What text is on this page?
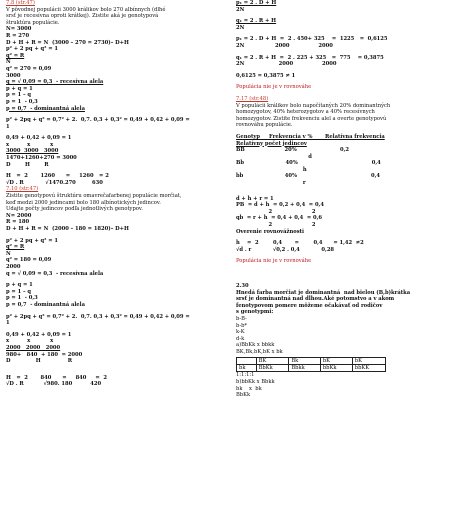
7.8 (str.47)
V pôvodnej populácii 3000 králikov bolo 270 albínnych (dlhé
srsť je recesívna oproti krátkej). Zistite aká je genotypová
štruktúra populácie.
N= 3000
R = 270
D + H + R = N  (3000 – 270 = 2730)– D+H
p² + 2 pq + q² = 1
q² = R
N
q² = 270 = 0,09
3000
q = √ 0,09 = 0,3  - recesívna alela
p + q = 1
p = 1 – q
p = 1  - 0,3
p = 0,7  - dominantná alela
p² + 2pq + q² = 0,7² + 2.  0,7. 0,3 + 0,3² = 0,49 + 0,42 + 0,09 =
1
0,49 + 0,42 + 0,09 = 1
x          x           x
3000  3000   3000
1470+1260+270 = 3000
D        H        R
H   =  2       1260      =     1260   = 2
√D . R            √1470.270         630
7.10 (str.47)
Zistite genotypovú štruktúru omavrečafarbenej populácie morčiat,
keď medzi 2000 jedincami bolo 180 albínotických jedincov.
Udajte počty jedincov podľa jednotlivých genotypov.
N= 2000
R = 180
D + H + R = N  (2000 – 180 = 1820)– D+H
p² + 2 pq + q² = 1
q² = R
N
q² = 180 = 0,09
2000
q = √ 0,09 = 0,3  - recesívna alela
p + q = 1
p = 1 – q
p = 1  - 0,3
p = 0,7  - dominantná alela
p² + 2pq + q² = 0,7² + 2.  0,7. 0,3 + 0,3² = 0,49 + 0,42 + 0,09 =
1
0,49 + 0,42 + 0,09 = 1
x          x           x
2000   2000   2000
980+   840  + 180  = 2000
D              H               R
H   =  2       840      =     840     =  2
√D . R           √980. 180          420
p₁ = 2 . D + H
2N
q₁ = 2 . R + H
2N
p₁ = 2 . D + H  =  2 . 450+ 325    =  1225   =  0,6125
2N                 2000                2000
q₁ = 2 . R + H  =  2 . 225 + 325   =  775    = 0,3875
2N                   2000                2000
0,6125 = 0,3875 ≠ 1
Populácia nie je v rovnováhe
7.17 (str.48)
V populácii králikov bolo napočítaných 20% dominantných
homozygotov, 40% heterozygotov a 40% recesívnych
homozygotov. Zistite frekvenciu alel a overte genotypovú
rovnováhu populácie.
Genotyp     Frekvencia v %       Relatívna frekvencia
Relatívny počet jedincov
BB                      20%                        0,2
d
Bb                       40%                                         0,4
h
bb                       40%                                         0,4
r
d + h + r = 1
PB  = d + h  = 0,2 + 0,4  = 0,4
2                      2
qb  = r + h  = 0,4 + 0,4  = 0,6
2                      2
Overenie rovnovážnosti
h    =  2        0,4       =        0,4      = 1,42  ≠2
√d . r            √0,2 . 0,4            0,28
Populácia nie je v rovnováhe
2.30
Hnedá farba morčiat je dominantná  nad bielou (B,b)krátka
srsť je dominantná nad dlhou.Aké potomstvo a v akom
fenotypovom pomere môžeme očakávať od rodičov
s genotypmi:
b-B-
b-b*
k-K
d-k
a)BbKk x bbkk
BK,Bk,bK,bK x bk
	BK	Bk	bK	bK
bk	BbKk	Bbkk	bbKk	bbKK
1:1:1:1
b)bbKk x Bbkk
bk    x  bk
BbKk
